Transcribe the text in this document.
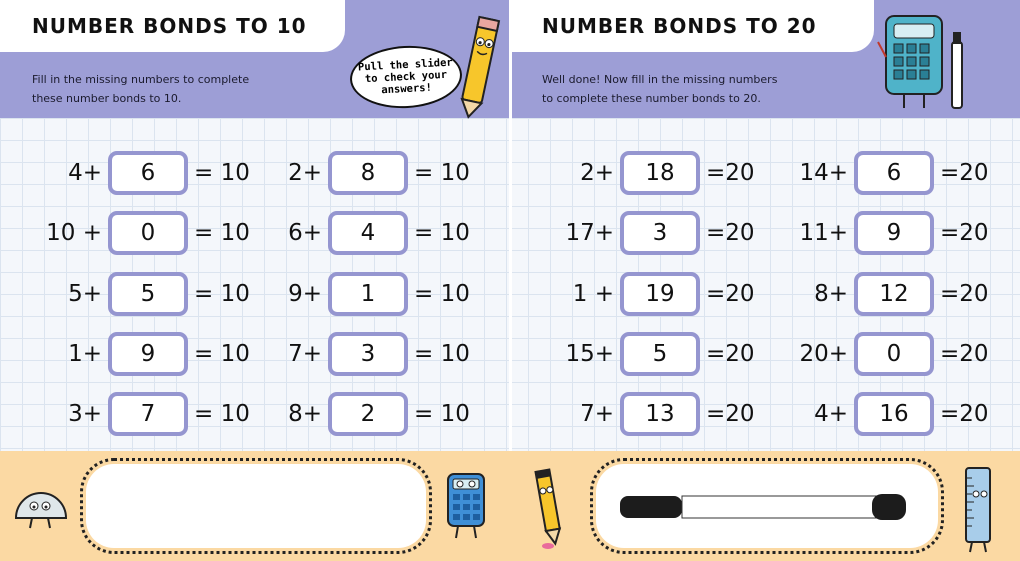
NUMBER BONDS TO 10	NUMBER BONDS TO 20
Fill in the missing numbers to complete
these number bonds to 10.
Well done! Now fill in the missing numbers
to complete these number bonds to 20.
Pull the slider
to check your
answers!
4+	6	= 10
10 +	0	= 10
5+	5	= 10
1+	9	= 10
3+	7	= 10
2+	8	= 10
6+	4	= 10
9+	1	= 10
7+	3	= 10
8+	2	= 10
2+	18	=20
17+	3	=20
1 +	19	=20
15+	5	=20
7+	13	=20
14+	6	=20
11+	9	=20
8+	12	=20
20+	0	=20
4+	16	=20
